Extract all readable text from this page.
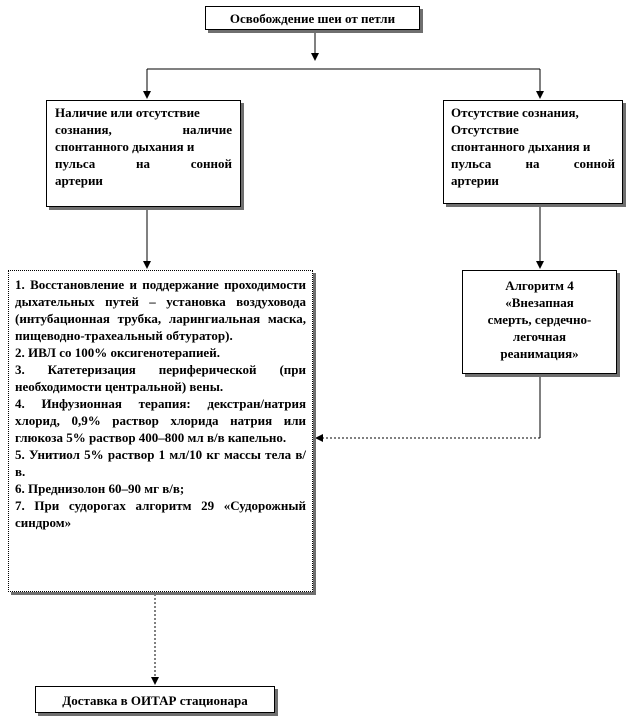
Освобождение шеи от петли
Наличие или отсутствие
сознания, наличие
спонтанного дыхания и
пульса на сонной
артерии
Отсутствие сознания,
Отсутствие
спонтанного дыхания и
пульса на сонной
артерии
Алгоритм 4
«Внезапная
смерть, сердечно-
легочная
реанимация»
1. Восстановление и поддержание проходимости дыхательных путей – установка воздуховода (интубационная трубка, ларингиальная маска, пищеводно-трахеальный обтуратор).
2. ИВЛ со 100% оксигенотерапией.
3. Катетеризация периферической (при необходимости центральной) вены.
4. Инфузионная терапия: декстран/натрия хлорид, 0,9% раствор хлорида натрия или глюкоза 5% раствор 400–800 мл в/в капельно.
5. Унитиол 5% раствор 1 мл/10 кг массы тела в/в.
6. Преднизолон 60–90 мг в/в;
7. При судорогах алгоритм 29 «Судорожный синдром»
Доставка в ОИТАР стационара
